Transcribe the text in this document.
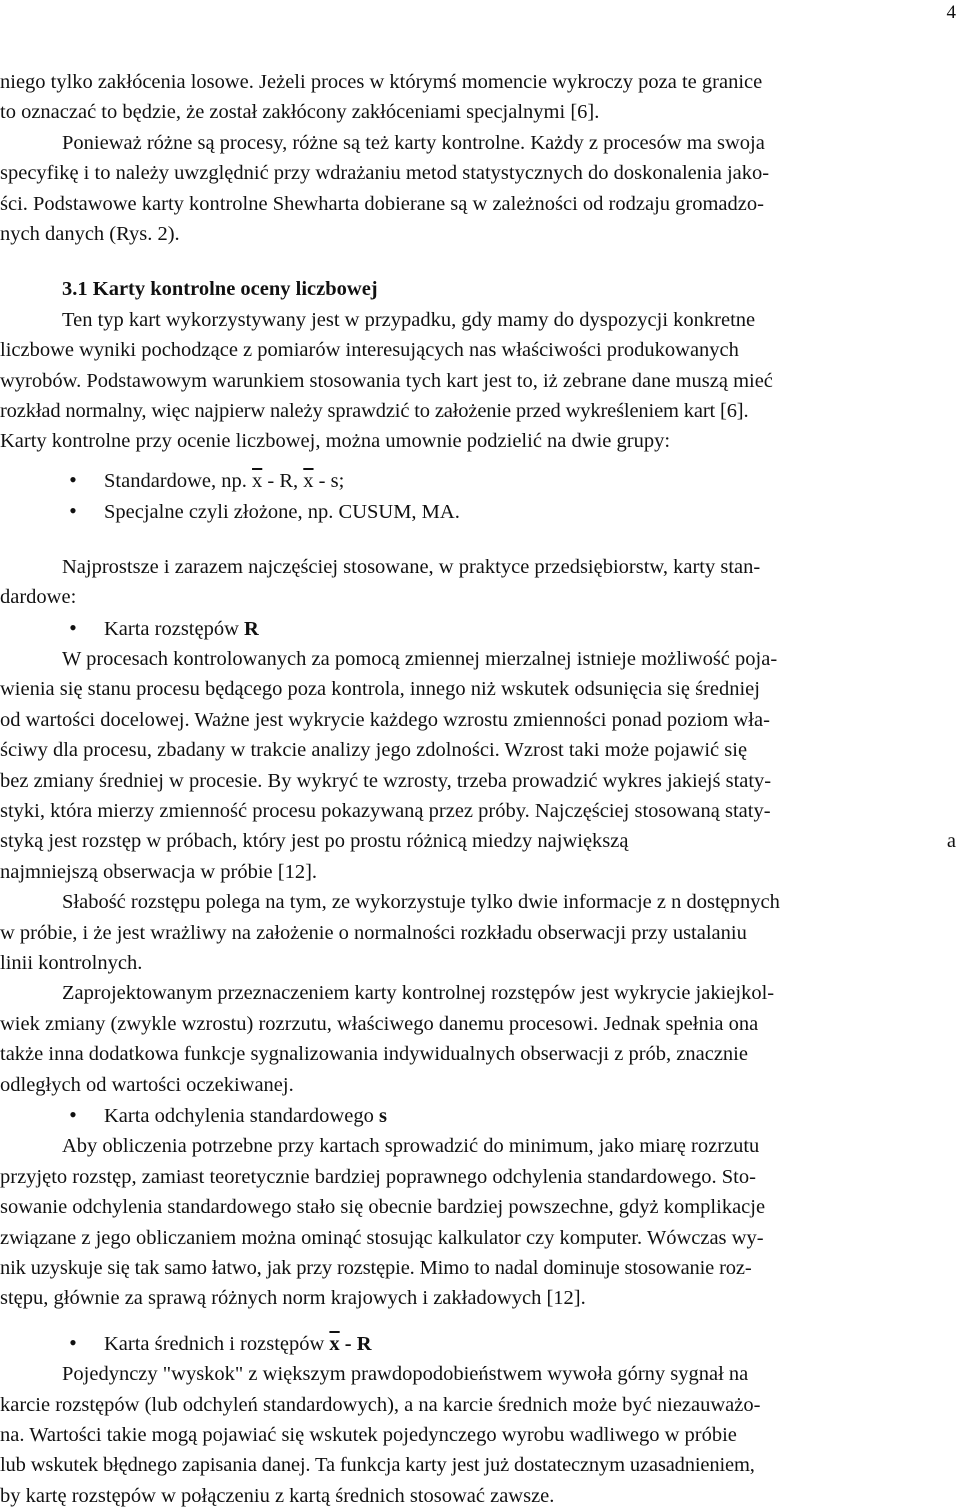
4

niego tylko zakłócenia losowe. Jeżeli proces w którymś momencie wykroczy poza te granice
to oznaczać to będzie, że został zakłócony zakłóceniami specjalnymi [6].

Ponieważ różne są procesy, różne są też karty kontrolne. Każdy z procesów ma swoja

specyfikę i to należy uwzględnić przy wdrażaniu metod statystycznych do doskonalenia jako-
ści. Podstawowe karty kontrolne Shewharta dobierane są w zależności od rodzaju gromadzo-
nych danych (Rys. 2).

3.1 Karty kontrolne oceny liczbowej

Ten typ kart wykorzystywany jest w przypadku, gdy mamy do dyspozycji konkretne

liczbowe wyniki pochodzące z pomiarów interesujących nas właściwości produkowanych
wyrobów. Podstawowym warunkiem stosowania tych kart jest to, iż zebrane dane muszą mieć
rozkład normalny, więc najpierw należy sprawdzić to założenie przed wykreśleniem kart [6].
Karty kontrolne przy ocenie liczbowej, można umownie podzielić na dwie grupy:

• Standardowe, np. $\overline{x}$ - R, $\overline{x}$ - s;
• Specjalne czyli złożone, np. CUSUM, MA.

Najprostsze i zarazem najczęściej stosowane, w praktyce przedsiębiorstw, karty stan-

dardowe:

• Karta rozstępów R

W procesach kontrolowanych za pomocą zmiennej mierzalnej istnieje możliwość poja-

wienia się stanu procesu będącego poza kontrola, innego niż wskutek odsunięcia się średniej
od wartości docelowej. Ważne jest wykrycie każdego wzrostu zmienności ponad poziom wła-
ściwy dla procesu, zbadany w trakcie analizy jego zdolności. Wzrost taki może pojawić się
bez zmiany średniej w procesie. By wykryć te wzrosty, trzeba prowadzić wykres jakiejś staty-
styki, która mierzy zmienność procesu pokazywaną przez próby. Najczęściej stosowaną staty-
styką jest rozstęp w próbach, który jest po prostu różnicą miedzy największą	a

najmniejszą obserwacja w próbie [12].

Słabość rozstępu polega na tym, ze wykorzystuje tylko dwie informacje z n dostępnych

w próbie, i że jest wrażliwy na założenie o normalności rozkładu obserwacji przy ustalaniu
linii kontrolnych.

Zaprojektowanym przeznaczeniem karty kontrolnej rozstępów jest wykrycie jakiejkol-

wiek zmiany (zwykle wzrostu) rozrzutu, właściwego danemu procesowi. Jednak spełnia ona
także inna dodatkowa funkcje sygnalizowania indywidualnych obserwacji z prób, znacznie
odległych od wartości oczekiwanej.

• Karta odchylenia standardowego s

Aby obliczenia potrzebne przy kartach sprowadzić do minimum, jako miarę rozrzutu

przyjęto rozstęp, zamiast teoretycznie bardziej poprawnego odchylenia standardowego. Sto-
sowanie odchylenia standardowego stało się obecnie bardziej powszechne, gdyż komplikacje
związane z jego obliczaniem można ominąć stosując kalkulator czy komputer. Wówczas wy-
nik uzyskuje się tak samo łatwo, jak przy rozstępie. Mimo to nadal dominuje stosowanie roz-
stępu, głównie za sprawą różnych norm krajowych i zakładowych [12].

• Karta średnich i rozstępów $\overline{x}$ - R

Pojedynczy "wyskok" z większym prawdopodobieństwem wywoła górny sygnał na

karcie rozstępów (lub odchyleń standardowych), a na karcie średnich może być niezauważo-
na. Wartości takie mogą pojawiać się wskutek pojedynczego wyrobu wadliwego w próbie
lub wskutek błędnego zapisania danej. Ta funkcja karty jest już dostatecznym uzasadnieniem,
by kartę rozstępów w połączeniu z kartą średnich stosować zawsze.
